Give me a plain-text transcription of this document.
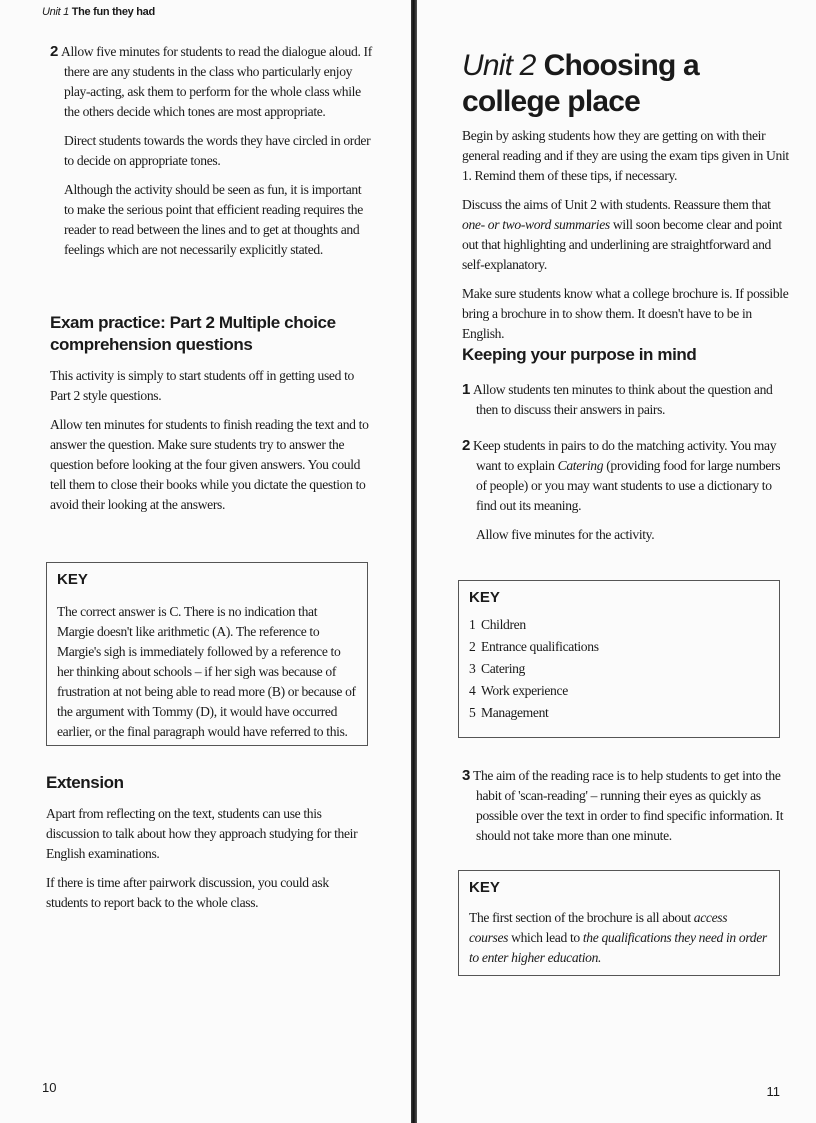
Unit 1 The fun they had

2 Allow five minutes for students to read the dialogue aloud. If there are any students in the class who particularly enjoy play-acting, ask them to perform for the whole class while the others decide which tones are most appropriate.

Direct students towards the words they have circled in order to decide on appropriate tones.

Although the activity should be seen as fun, it is important to make the serious point that efficient reading requires the reader to read between the lines and to get at thoughts and feelings which are not necessarily explicitly stated.

Exam practice: Part 2 Multiple choice comprehension questions

This activity is simply to start students off in getting used to Part 2 style questions.

Allow ten minutes for students to finish reading the text and to answer the question. Make sure students try to answer the question before looking at the four given answers. You could tell them to close their books while you dictate the question to avoid their looking at the answers.

KEY

The correct answer is C. There is no indication that Margie doesn't like arithmetic (A). The reference to Margie's sigh is immediately followed by a reference to her thinking about schools – if her sigh was because of frustration at not being able to read more (B) or because of the argument with Tommy (D), it would have occurred earlier, or the final paragraph would have referred to this.

Extension

Apart from reflecting on the text, students can use this discussion to talk about how they approach studying for their English examinations.

If there is time after pairwork discussion, you could ask students to report back to the whole class.

10
Unit 2 Choosing a college place

Begin by asking students how they are getting on with their general reading and if they are using the exam tips given in Unit 1. Remind them of these tips, if necessary.

Discuss the aims of Unit 2 with students. Reassure them that one- or two-word summaries will soon become clear and point out that highlighting and underlining are straightforward and self-explanatory.

Make sure students know what a college brochure is. If possible bring a brochure in to show them. It doesn't have to be in English.

Keeping your purpose in mind

1 Allow students ten minutes to think about the question and then to discuss their answers in pairs.

2 Keep students in pairs to do the matching activity. You may want to explain Catering (providing food for large numbers of people) or you may want students to use a dictionary to find out its meaning.

Allow five minutes for the activity.

KEY
1 Children
2 Entrance qualifications
3 Catering
4 Work experience
5 Management

3 The aim of the reading race is to help students to get into the habit of 'scan-reading' – running their eyes as quickly as possible over the text in order to find specific information. It should not take more than one minute.

KEY

The first section of the brochure is all about access courses which lead to the qualifications they need in order to enter higher education.

11
